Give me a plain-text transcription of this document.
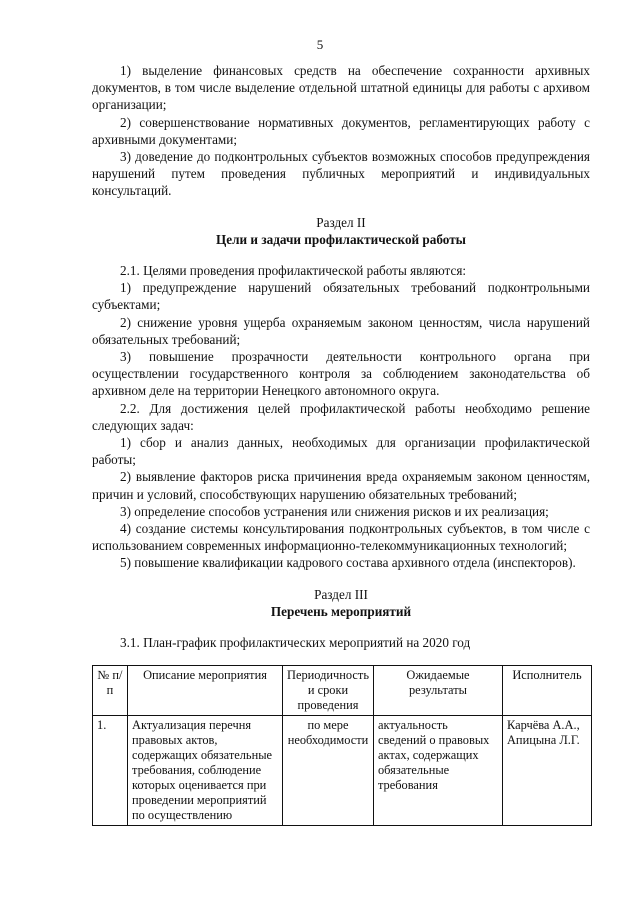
5

1) выделение финансовых средств на обеспечение сохранности архивных документов, в том числе выделение отдельной штатной единицы для работы с архивом организации;

2) совершенствование нормативных документов, регламентирующих работу с архивными документами;

3) доведение до подконтрольных субъектов возможных способов предупреждения нарушений путем проведения публичных мероприятий и индивидуальных консультаций.

Раздел II

Цели и задачи профилактической работы

2.1. Целями проведения профилактической работы являются:

1) предупреждение нарушений обязательных требований подконтрольными субъектами;

2) снижение уровня ущерба охраняемым законом ценностям, числа нарушений обязательных требований;

3) повышение прозрачности деятельности контрольного органа при осуществлении государственного контроля за соблюдением законодательства об архивном деле на территории Ненецкого автономного округа.

2.2. Для достижения целей профилактической работы необходимо решение следующих задач:

1) сбор и анализ данных, необходимых для организации профилактической работы;

2) выявление факторов риска причинения вреда охраняемым законом ценностям, причин и условий, способствующих нарушению обязательных требований;

3) определение способов устранения или снижения рисков и их реализация;

4) создание системы консультирования подконтрольных субъектов, в том числе с использованием современных информационно-телекоммуникационных технологий;

5) повышение квалификации кадрового состава архивного отдела (инспекторов).

Раздел III

Перечень мероприятий

3.1. План-график профилактических мероприятий на 2020 год

№ п/п	Описание мероприятия	Периодичность и сроки проведения	Ожидаемые результаты	Исполнитель
1.	Актуализация перечня правовых актов, содержащих обязательные требования, соблюдение которых оценивается при проведении мероприятий по осуществлению	по мере необходимости	актуальность сведений о правовых актах, содержащих обязательные требования	Карчёва А.А., Апицына Л.Г.
